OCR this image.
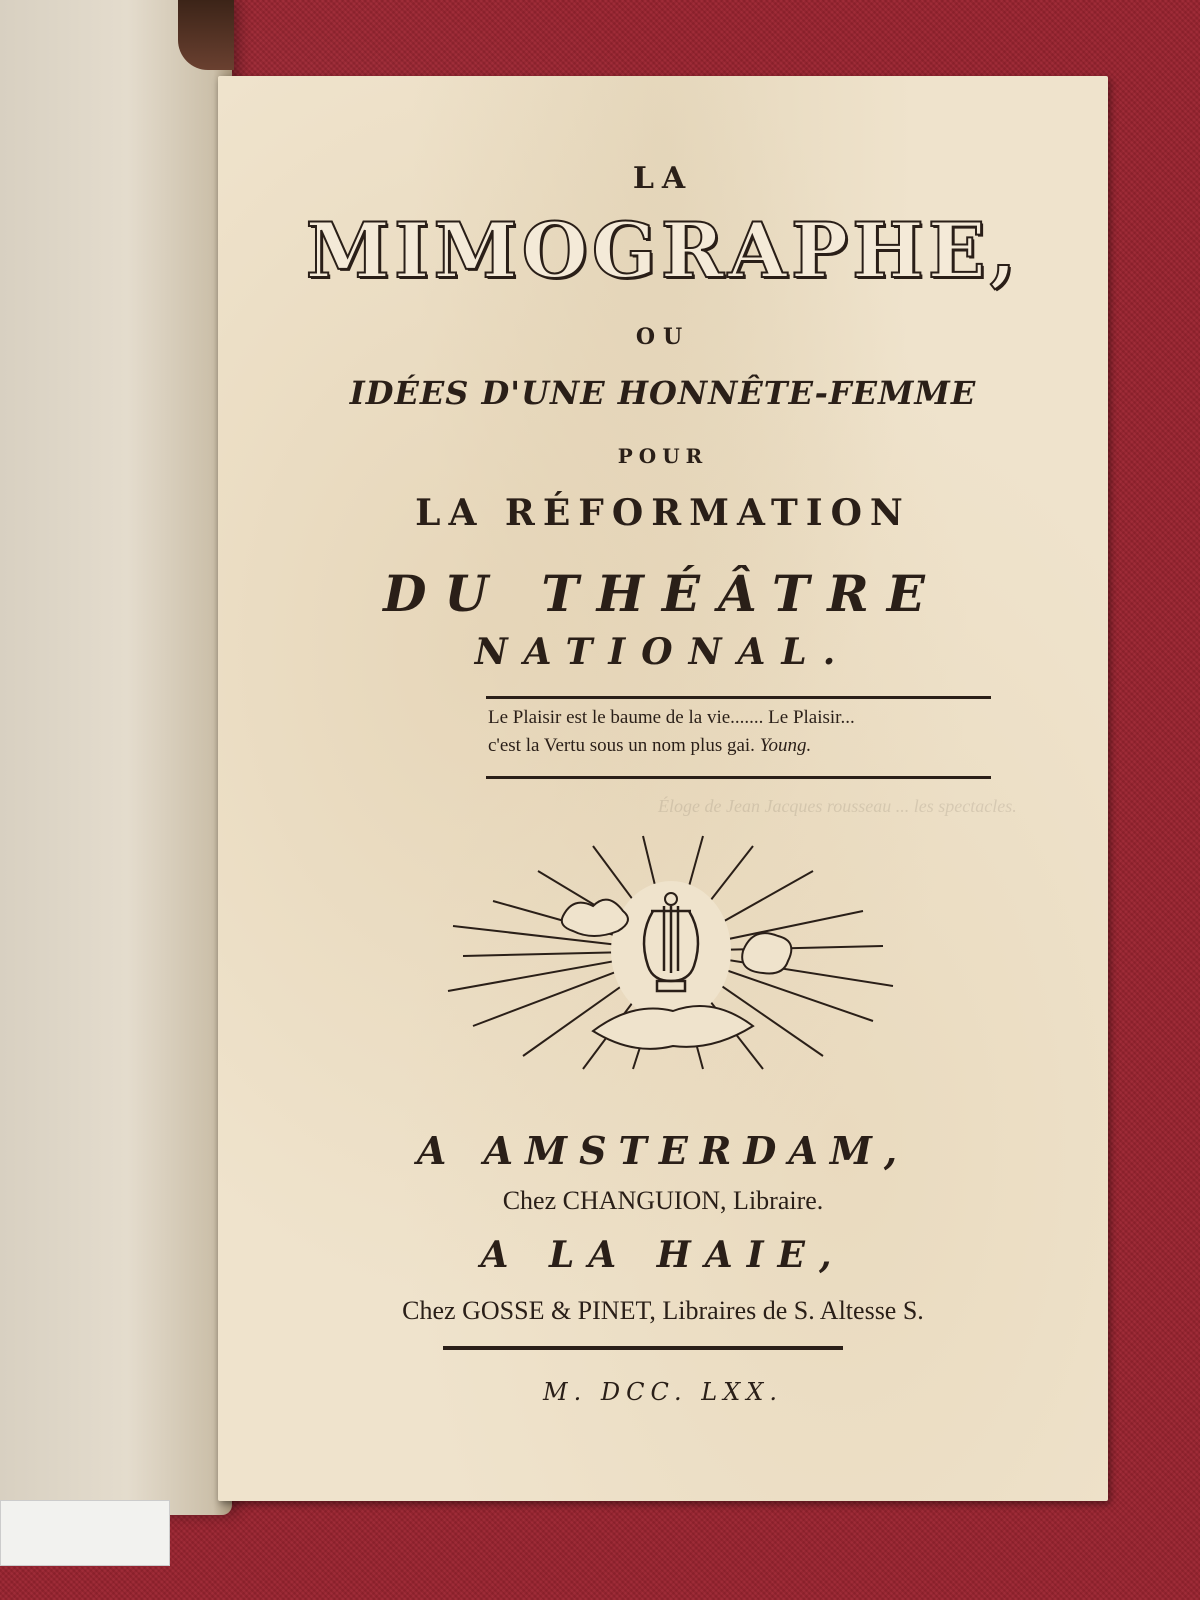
Éloge de Jean Jacques rousseau ... les spectacles.
LA
MIMOGRAPHE,
OU
IDÉES D'UNE HONNÊTE-FEMME
POUR
LA RÉFORMATION
DU THÉÂTRE
NATIONAL.
Le Plaisir est le baume de la vie....... Le Plaisir...
c'est la Vertu sous un nom plus gai. Young.
A AMSTERDAM,
Chez CHANGUION, Libraire.
A LA HAIE,
Chez GOSSE & PINET, Libraires de S. Altesse S.
M. DCC. LXX.
